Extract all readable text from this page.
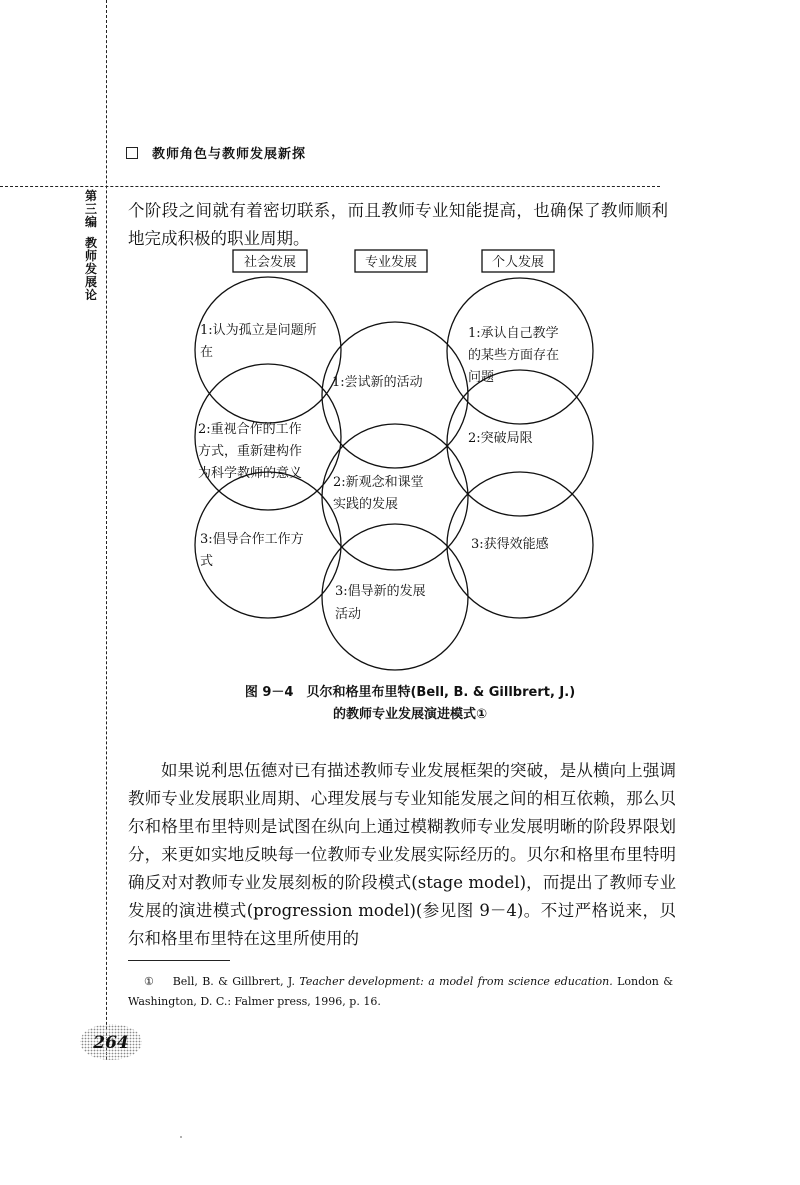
教师角色与教师发展新探
第
三
编
教
师
发
展
论

个阶段之间就有着密切联系，而且教师专业知能提高，也确保了教师顺利地完成积极的职业周期。

社会发展	专业发展	个人发展
1:认为孤立是问题所
在
2:重视合作的工作
方式，重新建构作
为科学教师的意义
3:倡导合作工作方
式
1:尝试新的活动
2:新观念和课堂
实践的发展
3:倡导新的发展
活动
1:承认自己教学
的某些方面存在
问题
2:突破局限
3:获得效能感
图 9－4　贝尔和格里布里特(Bell, B. & Gillbrert, J.)
的教师专业发展演进模式①

如果说利思伍德对已有描述教师专业发展框架的突破，是从横向上强调教师专业发展职业周期、心理发展与专业知能发展之间的相互依赖，那么贝尔和格里布里特则是试图在纵向上通过模糊教师专业发展明晰的阶段界限划分，来更如实地反映每一位教师专业发展实际经历的。贝尔和格里布里特明确反对对教师专业发展刻板的阶段模式(stage model)，而提出了教师专业发展的演进模式(progression model)(参见图 9－4)。不过严格说来，贝尔和格里布里特在这里所使用的

① Bell, B. & Gillbrert, J. Teacher development: a model from science education. London & Washington, D. C.: Falmer press, 1996, p. 16.
264
